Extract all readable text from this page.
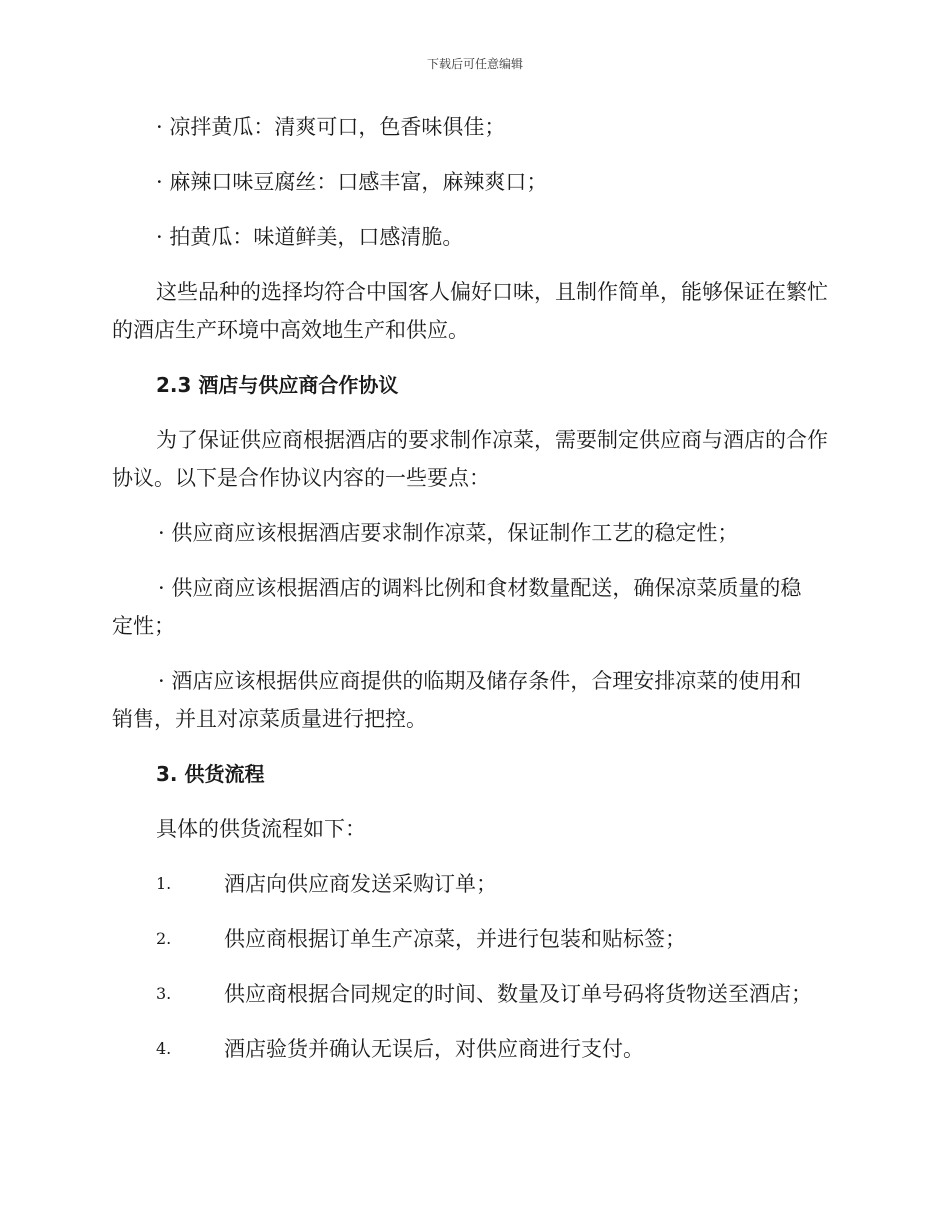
下载后可任意编辑

· 凉拌黄瓜：清爽可口，色香味俱佳；

· 麻辣口味豆腐丝：口感丰富，麻辣爽口；

· 拍黄瓜：味道鲜美，口感清脆。

这些品种的选择均符合中国客人偏好口味，且制作简单，能够保证在繁忙的酒店生产环境中高效地生产和供应。

2.3 酒店与供应商合作协议

为了保证供应商根据酒店的要求制作凉菜，需要制定供应商与酒店的合作协议。以下是合作协议内容的一些要点：

· 供应商应该根据酒店要求制作凉菜，保证制作工艺的稳定性；

· 供应商应该根据酒店的调料比例和食材数量配送，确保凉菜质量的稳
定性；

· 酒店应该根据供应商提供的临期及储存条件，合理安排凉菜的使用和
销售，并且对凉菜质量进行把控。

3. 供货流程

具体的供货流程如下：

1.	酒店向供应商发送采购订单；
2.	供应商根据订单生产凉菜，并进行包装和贴标签；
3.	供应商根据合同规定的时间、数量及订单号码将货物送至酒店；
4.	酒店验货并确认无误后，对供应商进行支付。
